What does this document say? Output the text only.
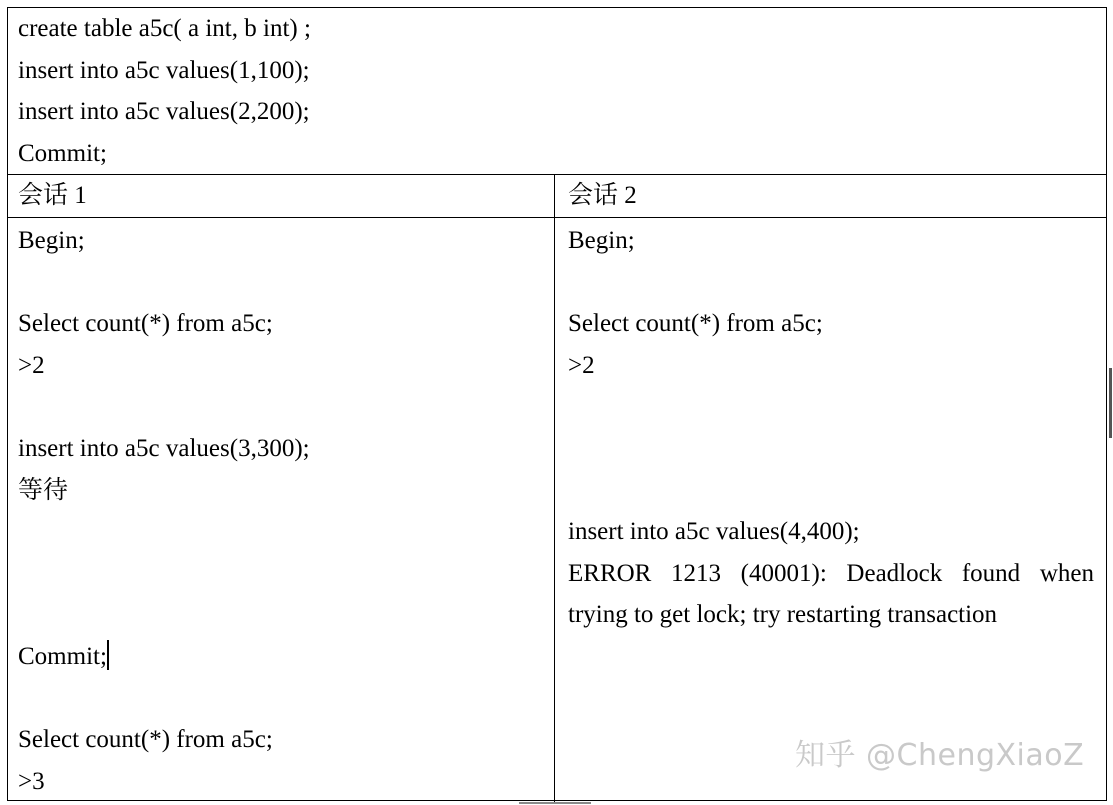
create table a5c( a int, b int) ;
insert into a5c values(1,100);
insert into a5c values(2,200);
Commit;
会话 1	会话 2
Begin;
Select count(*) from a5c;
>2
insert into a5c values(3,300);
等待
Commit;
Select count(*) from a5c;
>3
Begin;
Select count(*) from a5c;
>2
insert into a5c values(4,400);
ERROR 1213 (40001): Deadlock found when
trying to get lock; try restarting transaction
知乎 @ChengXiaoZ
